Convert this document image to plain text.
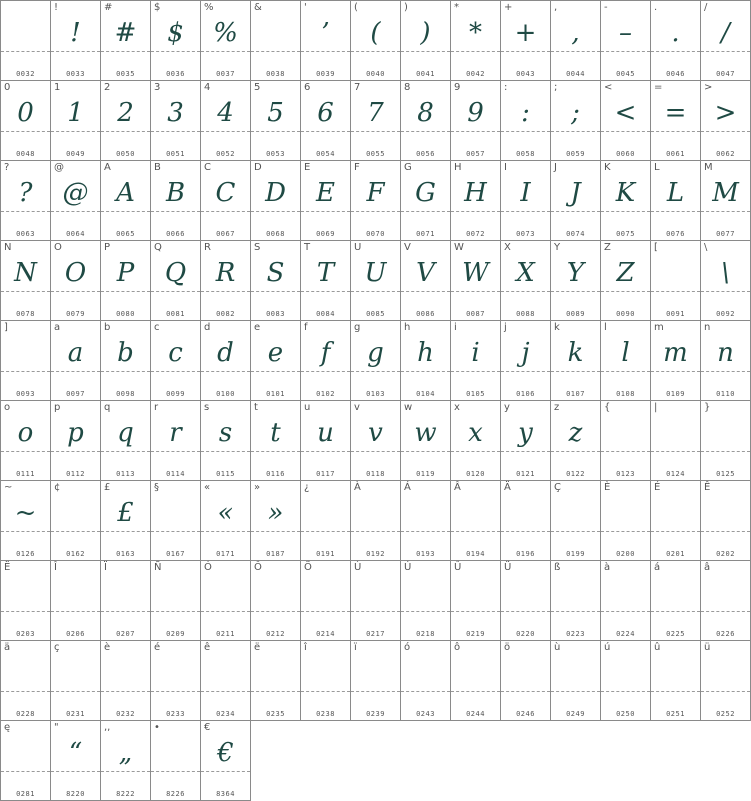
0032
!
!
0033
#
#
0035
$
$
0036
%
%
0037
&
0038
'
’
0039
(
(
0040
)
)
0041
*
*
0042
+
+
0043
,
,
0044
-
–
0045
.
.
0046
/
/
0047
0
0
0048
1
1
0049
2
2
0050
3
3
0051
4
4
0052
5
5
0053
6
6
0054
7
7
0055
8
8
0056
9
9
0057
:
:
0058
;
;
0059
<
<
0060
=
=
0061
>
>
0062
?
?
0063
@
@
0064
A
A
0065
B
B
0066
C
C
0067
D
D
0068
E
E
0069
F
F
0070
G
G
0071
H
H
0072
I
I
0073
J
J
0074
K
K
0075
L
L
0076
M
M
0077
N
N
0078
O
O
0079
P
P
0080
Q
Q
0081
R
R
0082
S
S
0083
T
T
0084
U
U
0085
V
V
0086
W
W
0087
X
X
0088
Y
Y
0089
Z
Z
0090
[
0091
\
\
0092
]
0093
a
a
0097
b
b
0098
c
c
0099
d
d
0100
e
e
0101
f
f
0102
g
g
0103
h
h
0104
i
i
0105
j
j
0106
k
k
0107
l
l
0108
m
m
0109
n
n
0110
o
o
0111
p
p
0112
q
q
0113
r
r
0114
s
s
0115
t
t
0116
u
u
0117
v
v
0118
w
w
0119
x
x
0120
y
y
0121
z
z
0122
{
0123
|
0124
}
0125
~
~
0126
¢
0162
£
£
0163
§
0167
«
«
0171
»
»
0187
¿
0191
À
0192
Á
0193
Â
0194
Ä
0196
Ç
0199
È
0200
É
0201
Ê
0202
Ë
0203
Î
0206
Ï
0207
Ñ
0209
Ó
0211
Ô
0212
Ö
0214
Ù
0217
Ú
0218
Û
0219
Ü
0220
ß
0223
à
0224
á
0225
â
0226
ä
0228
ç
0231
è
0232
é
0233
ê
0234
ë
0235
î
0238
ï
0239
ó
0243
ô
0244
ö
0246
ù
0249
ú
0250
û
0251
ü
0252
ę
0281
"
“
8220
,,
„
8222
•
8226
€
€
8364
